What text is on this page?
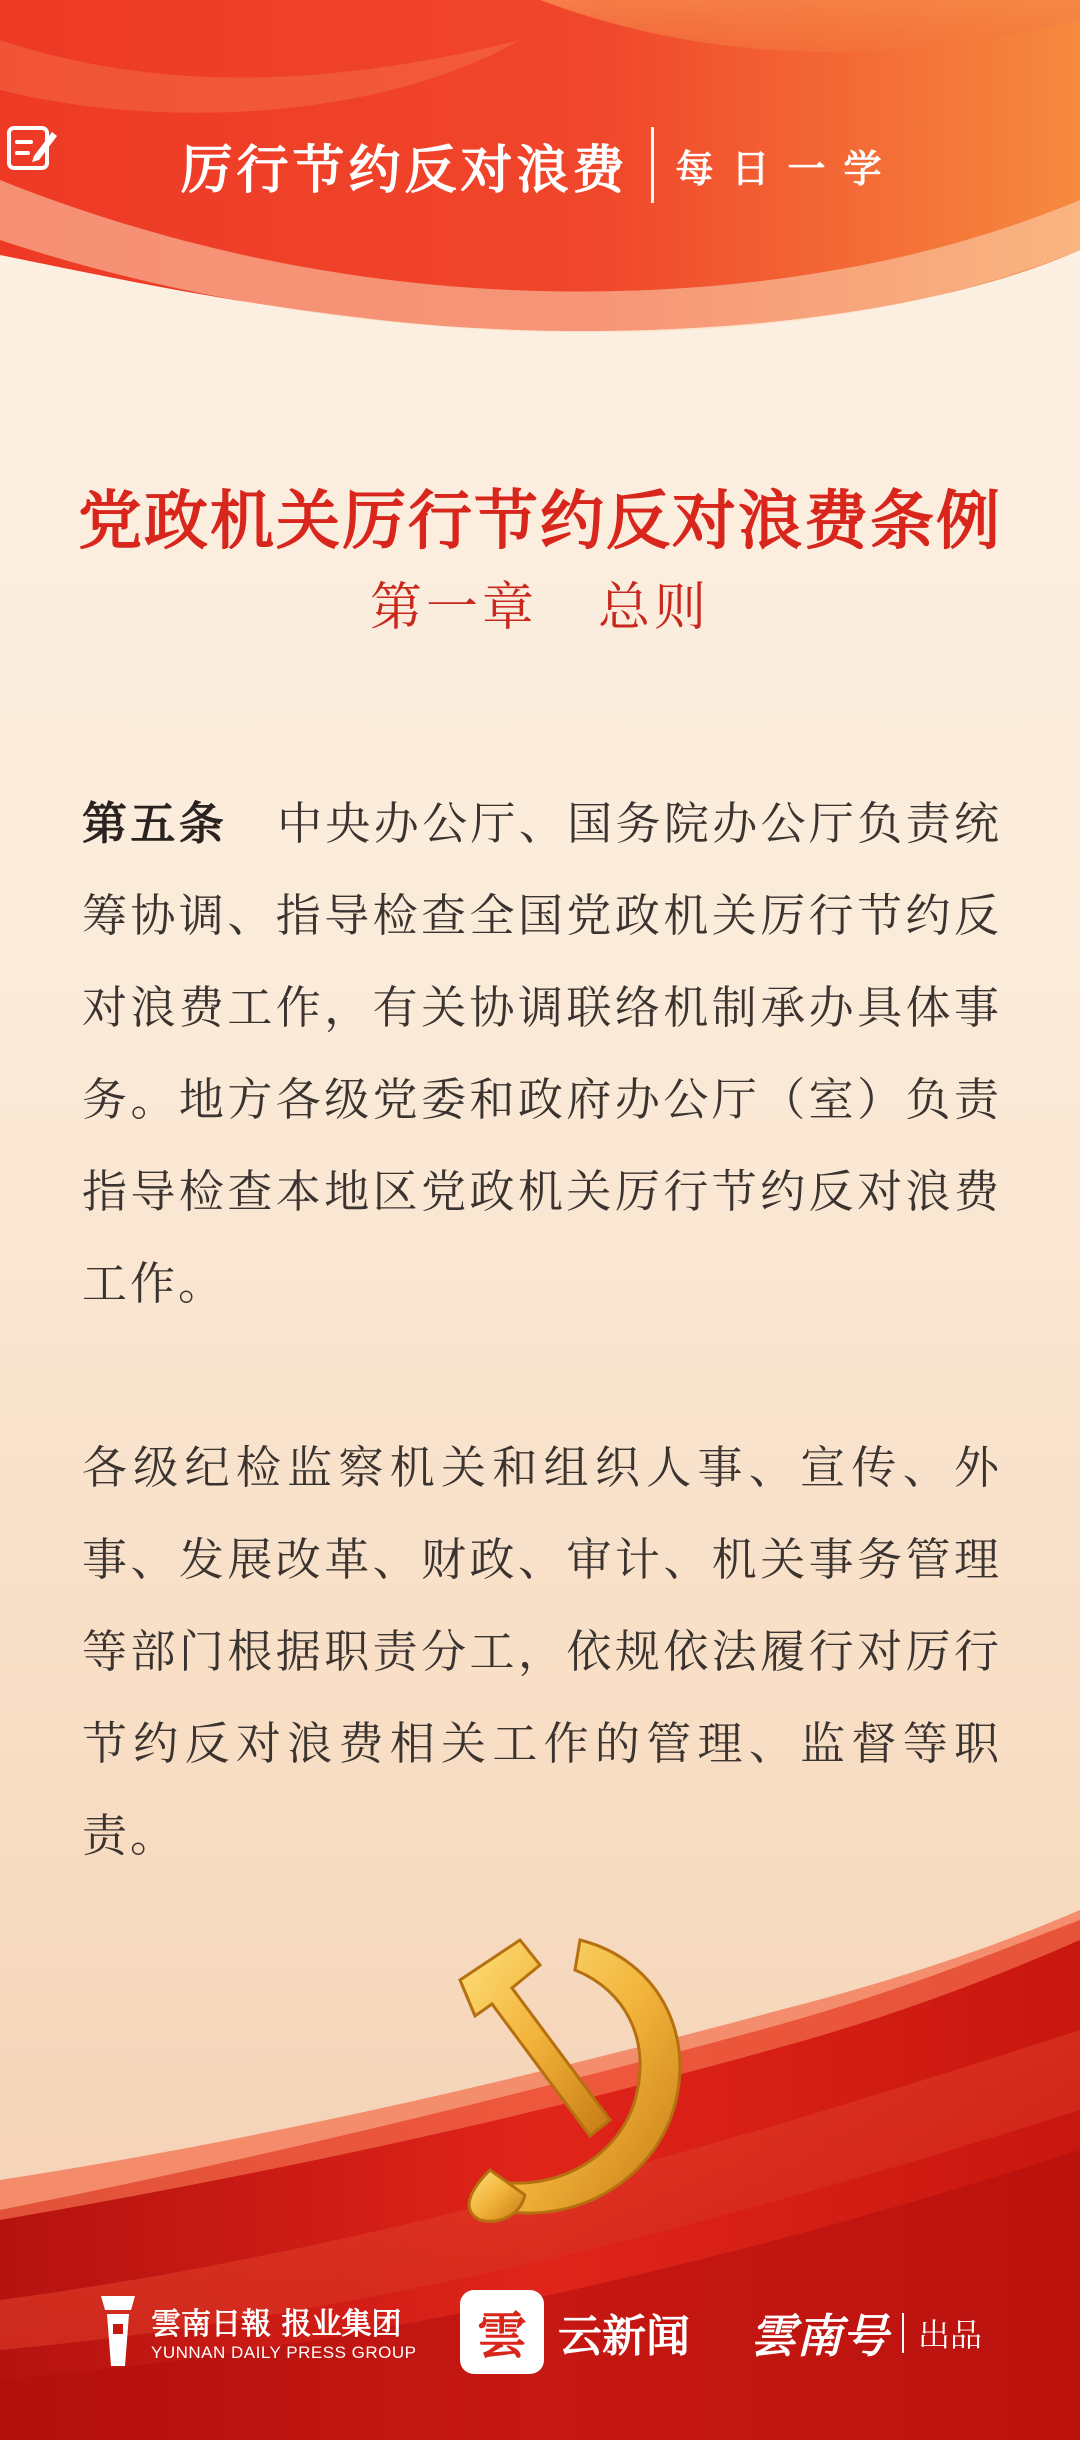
厉行节约反对浪费 每日一学
党政机关厉行节约反对浪费条例
第一章 总则

第五条 中央办公厅、国务院办公厅负责统筹协调、指导检查全国党政机关厉行节约反对浪费工作，有关协调联络机制承办具体事务。地方各级党委和政府办公厅（室）负责指导检查本地区党政机关厉行节约反对浪费工作。

各级纪检监察机关和组织人事、宣传、外事、发展改革、财政、审计、机关事务管理等部门根据职责分工，依规依法履行对厉行节约反对浪费相关工作的管理、监督等职责。

雲南日報 报业集团
YUNNAN DAILY PRESS GROUP 雲 云新闻 雲南号 出品
